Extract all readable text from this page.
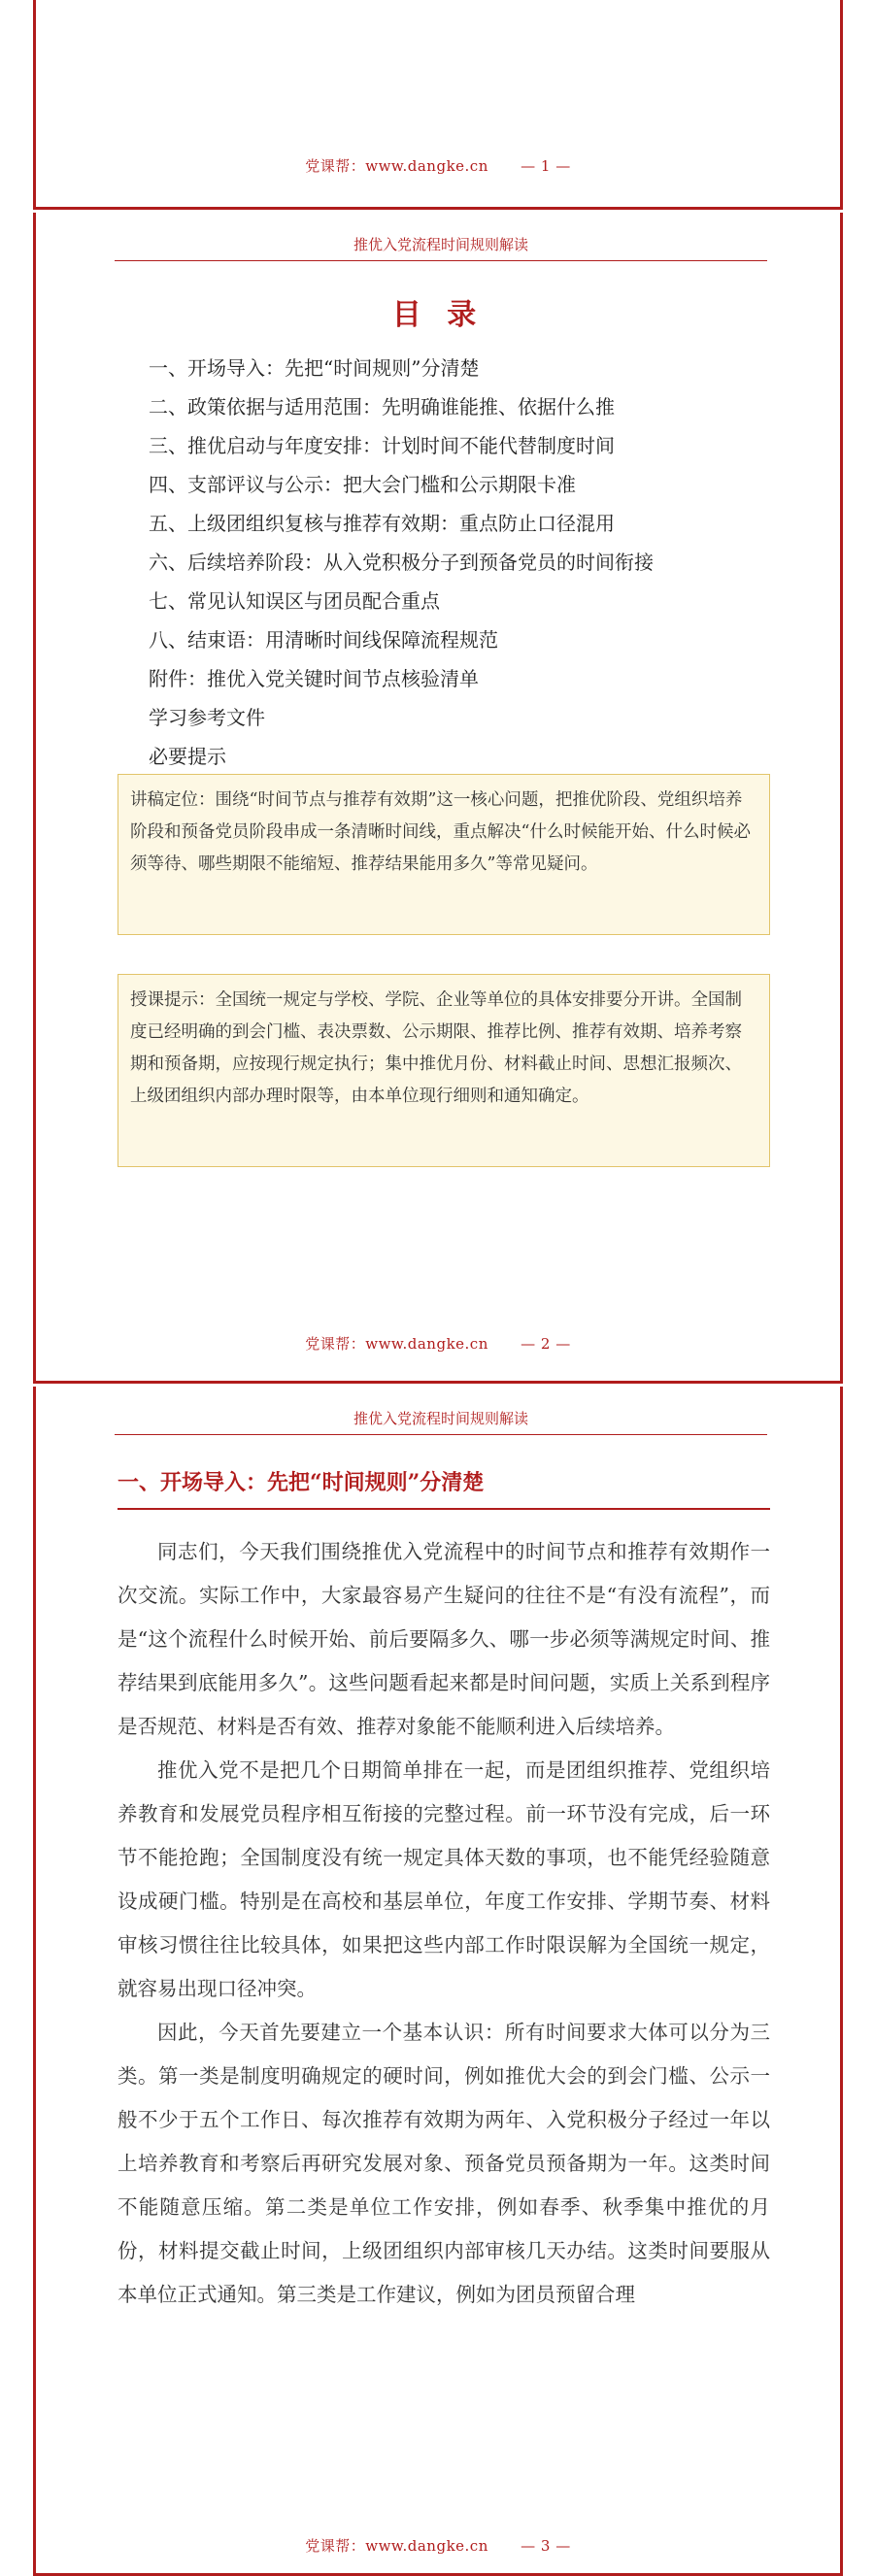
党课帮：www.dangke.cn — 1 —
推优入党流程时间规则解读
目 录
一、开场导入：先把“时间规则”分清楚
二、政策依据与适用范围：先明确谁能推、依据什么推
三、推优启动与年度安排：计划时间不能代替制度时间
四、支部评议与公示：把大会门槛和公示期限卡准
五、上级团组织复核与推荐有效期：重点防止口径混用
六、后续培养阶段：从入党积极分子到预备党员的时间衔接
七、常见认知误区与团员配合重点
八、结束语：用清晰时间线保障流程规范
附件：推优入党关键时间节点核验清单
学习参考文件
必要提示
讲稿定位：围绕“时间节点与推荐有效期”这一核心问题，把推优阶段、党组织培养阶段和预备党员阶段串成一条清晰时间线，重点解决“什么时候能开始、什么时候必须等待、哪些期限不能缩短、推荐结果能用多久”等常见疑问。
授课提示：全国统一规定与学校、学院、企业等单位的具体安排要分开讲。全国制度已经明确的到会门槛、表决票数、公示期限、推荐比例、推荐有效期、培养考察期和预备期，应按现行规定执行；集中推优月份、材料截止时间、思想汇报频次、上级团组织内部办理时限等，由本单位现行细则和通知确定。
党课帮：www.dangke.cn — 2 —
推优入党流程时间规则解读
一、开场导入：先把“时间规则”分清楚

同志们，今天我们围绕推优入党流程中的时间节点和推荐有效期作一次交流。实际工作中，大家最容易产生疑问的往往不是“有没有流程”，而是“这个流程什么时候开始、前后要隔多久、哪一步必须等满规定时间、推荐结果到底能用多久”。这些问题看起来都是时间问题，实质上关系到程序是否规范、材料是否有效、推荐对象能不能顺利进入后续培养。

推优入党不是把几个日期简单排在一起，而是团组织推荐、党组织培养教育和发展党员程序相互衔接的完整过程。前一环节没有完成，后一环节不能抢跑；全国制度没有统一规定具体天数的事项，也不能凭经验随意设成硬门槛。特别是在高校和基层单位，年度工作安排、学期节奏、材料审核习惯往往比较具体，如果把这些内部工作时限误解为全国统一规定，就容易出现口径冲突。

因此，今天首先要建立一个基本认识：所有时间要求大体可以分为三类。第一类是制度明确规定的硬时间，例如推优大会的到会门槛、公示一般不少于五个工作日、每次推荐有效期为两年、入党积极分子经过一年以上培养教育和考察后再研究发展对象、预备党员预备期为一年。这类时间不能随意压缩。第二类是单位工作安排，例如春季、秋季集中推优的月份，材料提交截止时间，上级团组织内部审核几天办结。这类时间要服从本单位正式通知。第三类是工作建议，例如为团员预留合理

党课帮：www.dangke.cn — 3 —
